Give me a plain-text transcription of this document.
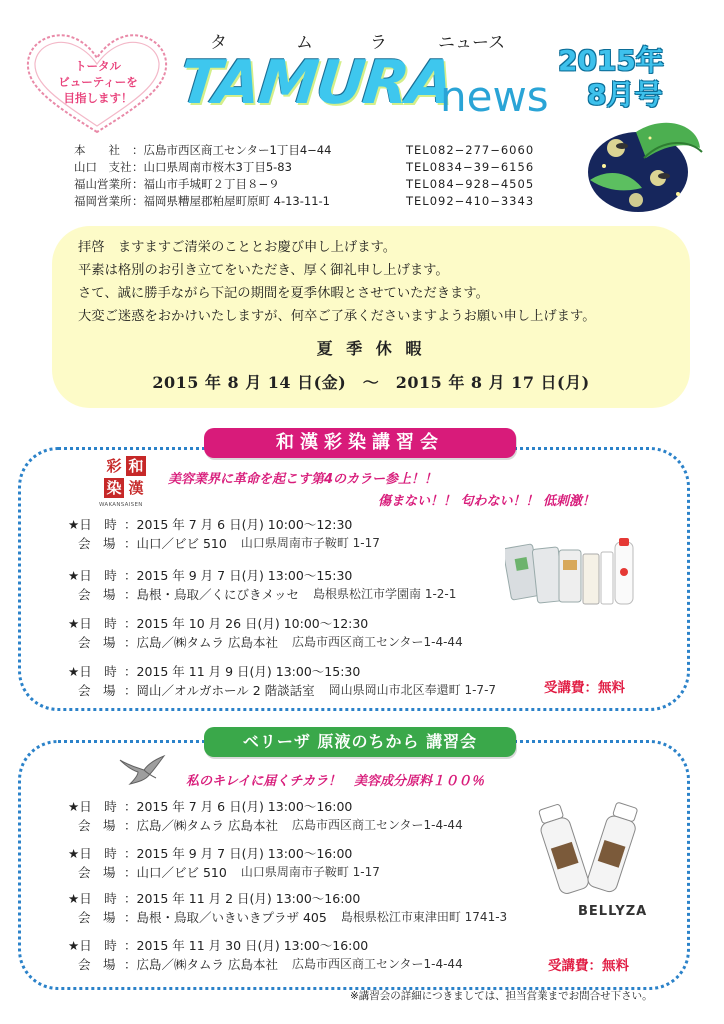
トータル
ビューティーを
目指します！
タ	ム	ラ	ニュース
TAMURA
news
2015年
8月号
本　　社	：広島市西区商工センター1丁目4−44	TEL082−277−6060
山口　支社 ：山口県周南市桜木3丁目5-83	TEL0834−39−6156
福山営業所 ：福山市手城町２丁目８−９	TEL084−928−4505
福岡営業所 ：福岡県糟屋郡粕屋町原町 4-13-11-1	TEL092−410−3343
拝啓　ますますご清栄のこととお慶び申し上げます。
平素は格別のお引き立てをいただき、厚く御礼申し上げます。
さて、誠に勝手ながら下記の期間を夏季休暇とさせていただきます。
大変ご迷惑をおかけいたしますが、何卒ご了承くださいますようお願い申し上げます。
夏 季 休 暇
2015 年 8 月 14 日(金)　～　2015 年 8 月 17 日(月)
和漢彩染講習会
彩 和
染 漢
WAKANSAISEN
美容業界に革命を起こす第4のカラー参上！！
傷まない！！ 匂わない！！ 低刺激！
★日　時 ：2015 年 7 月 6 日(月) 10:00〜12:30
会　場 ：山口／ビビ 510 山口県周南市子鞍町 1-17
★日　時 ：2015 年 9 月 7 日(月) 13:00〜15:30
会　場 ：島根・鳥取／くにびきメッセ 島根県松江市学園南 1-2-1
★日　時 ：2015 年 10 月 26 日(月) 10:00〜12:30
会　場 ：広島／㈱タムラ 広島本社 広島市西区商工センター1-4-44
★日　時 ：2015 年 11 月 9 日(月) 13:00〜15:30
会　場 ：岡山／オルガホール 2 階談話室 岡山県岡山市北区奉還町 1-7-7	受講費：無料
ベリーザ 原液のちから 講習会
私のキレイに届くチカラ！　美容成分原料１００％
★日　時 ：2015 年 7 月 6 日(月) 13:00〜16:00
会　場 ：広島／㈱タムラ 広島本社 広島市西区商工センター1-4-44
★日　時 ：2015 年 9 月 7 日(月) 13:00〜16:00
会　場 ：山口／ビビ 510 山口県周南市子鞍町 1-17
★日　時 ：2015 年 11 月 2 日(月) 13:00〜16:00
会　場 ：島根・鳥取／いきいきプラザ 405 島根県松江市東津田町 1741-3
★日　時 ：2015 年 11 月 30 日(月) 13:00〜16:00
会　場 ：広島／㈱タムラ 広島本社 広島市西区商工センター1-4-44
BELLYZA
受講費：無料
※講習会の詳細につきましては、担当営業までお問合せ下さい。
